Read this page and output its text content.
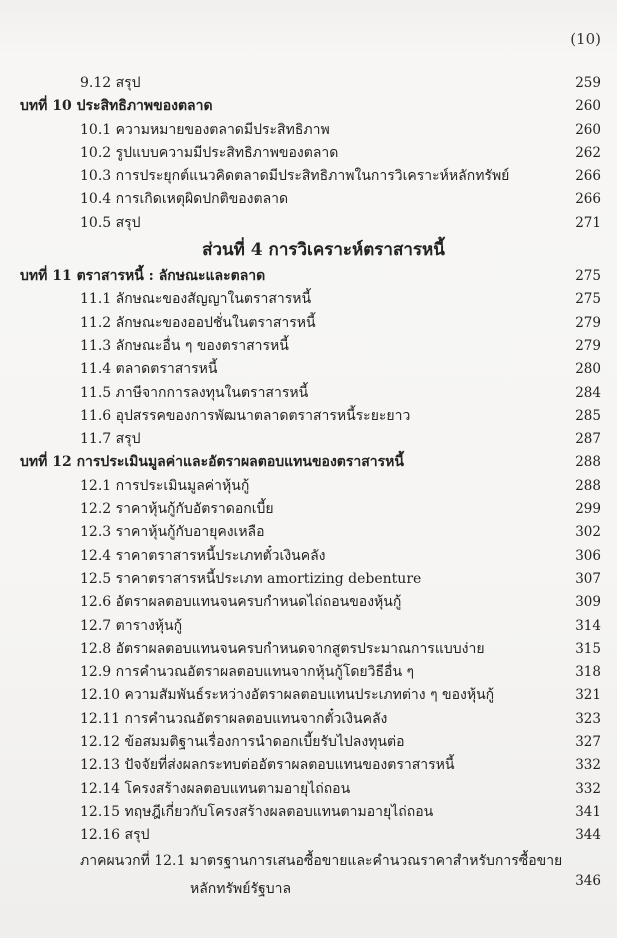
(10)
9.12 สรุป	259
บทที่ 10 ประสิทธิภาพของตลาด	260
10.1 ความหมายของตลาดมีประสิทธิภาพ	260
10.2 รูปแบบความมีประสิทธิภาพของตลาด	262
10.3 การประยุกต์แนวคิดตลาดมีประสิทธิภาพในการวิเคราะห์หลักทรัพย์	266
10.4 การเกิดเหตุผิดปกติของตลาด	266
10.5 สรุป	271
ส่วนที่ 4 การวิเคราะห์ตราสารหนี้
บทที่ 11 ตราสารหนี้ : ลักษณะและตลาด	275
11.1 ลักษณะของสัญญาในตราสารหนี้	275
11.2 ลักษณะของออปชั่นในตราสารหนี้	279
11.3 ลักษณะอื่น ๆ ของตราสารหนี้	279
11.4 ตลาดตราสารหนี้	280
11.5 ภาษีจากการลงทุนในตราสารหนี้	284
11.6 อุปสรรคของการพัฒนาตลาดตราสารหนี้ระยะยาว	285
11.7 สรุป	287
บทที่ 12 การประเมินมูลค่าและอัตราผลตอบแทนของตราสารหนี้	288
12.1 การประเมินมูลค่าหุ้นกู้	288
12.2 ราคาหุ้นกู้กับอัตราดอกเบี้ย	299
12.3 ราคาหุ้นกู้กับอายุคงเหลือ	302
12.4 ราคาตราสารหนี้ประเภทตั๋วเงินคลัง	306
12.5 ราคาตราสารหนี้ประเภท amortizing debenture	307
12.6 อัตราผลตอบแทนจนครบกำหนดไถ่ถอนของหุ้นกู้	309
12.7 ตารางหุ้นกู้	314
12.8 อัตราผลตอบแทนจนครบกำหนดจากสูตรประมาณการแบบง่าย	315
12.9 การคำนวณอัตราผลตอบแทนจากหุ้นกู้โดยวิธีอื่น ๆ	318
12.10 ความสัมพันธ์ระหว่างอัตราผลตอบแทนประเภทต่าง ๆ ของหุ้นกู้	321
12.11 การคำนวณอัตราผลตอบแทนจากตั๋วเงินคลัง	323
12.12 ข้อสมมติฐานเรื่องการนำดอกเบี้ยรับไปลงทุนต่อ	327
12.13 ปัจจัยที่ส่งผลกระทบต่ออัตราผลตอบแทนของตราสารหนี้	332
12.14 โครงสร้างผลตอบแทนตามอายุไถ่ถอน	332
12.15 ทฤษฎีเกี่ยวกับโครงสร้างผลตอบแทนตามอายุไถ่ถอน	341
12.16 สรุป	344
ภาคผนวกที่ 12.1 มาตรฐานการเสนอซื้อขายและคำนวณราคาสำหรับการซื้อขาย
หลักทรัพย์รัฐบาล	346
